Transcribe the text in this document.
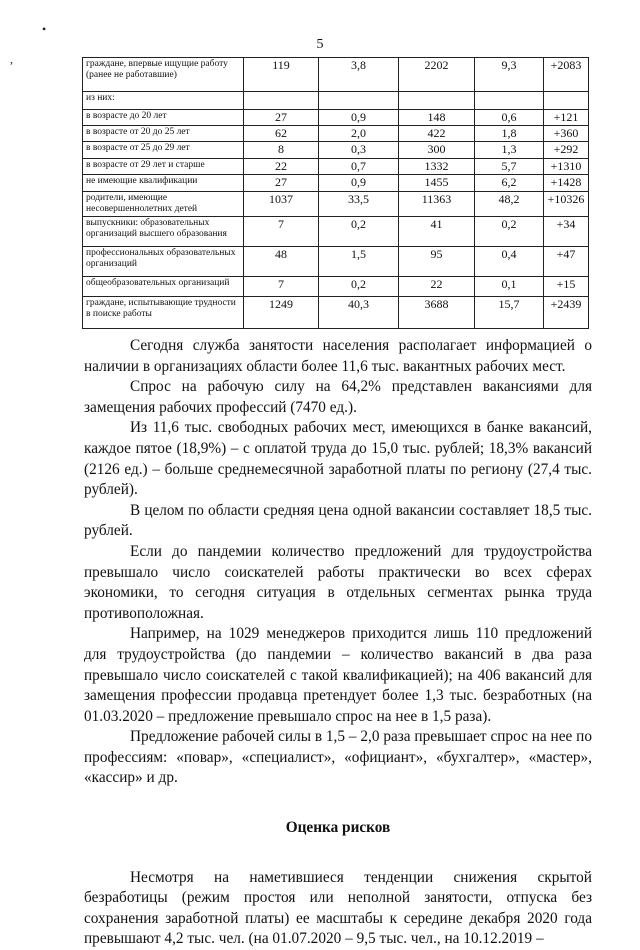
•
,
5
граждане, впервые ищущие работу (ранее не работавшие)	119	3,8	2202	9,3	+2083
из них:					
в возрасте до 20 лет	27	0,9	148	0,6	+121
в возрасте от 20 до 25 лет	62	2,0	422	1,8	+360
в возрасте от 25 до 29 лет	8	0,3	300	1,3	+292
в возрасте от 29 лет и старше	22	0,7	1332	5,7	+1310
не имеющие квалификации	27	0,9	1455	6,2	+1428
родители, имеющие несовершеннолетних детей	1037	33,5	11363	48,2	+10326
выпускники: образовательных организаций высшего образования	7	0,2	41	0,2	+34
профессиональных образовательных организаций	48	1,5	95	0,4	+47
общеобразовательных организаций	7	0,2	22	0,1	+15
граждане, испытывающие трудности в поиске работы	1249	40,3	3688	15,7	+2439

Сегодня служба занятости населения располагает информацией о наличии в организациях области более 11,6 тыс. вакантных рабочих мест.

Спрос на рабочую силу на 64,2% представлен вакансиями для замещения рабочих профессий (7470 ед.).

Из 11,6 тыс. свободных рабочих мест, имеющихся в банке вакансий, каждое пятое (18,9%) – с оплатой труда до 15,0 тыс. рублей; 18,3% вакансий (2126 ед.) – больше среднемесячной заработной платы по региону (27,4 тыс. рублей).

В целом по области средняя цена одной вакансии составляет 18,5 тыс. рублей.

Если до пандемии количество предложений для трудоустройства превышало число соискателей работы практически во всех сферах экономики, то сегодня ситуация в отдельных сегментах рынка труда противоположная.

Например, на 1029 менеджеров приходится лишь 110 предложений для трудоустройства (до пандемии – количество вакансий в два раза превышало число соискателей с такой квалификацией); на 406 вакансий для замещения профессии продавца претендует более 1,3 тыс. безработных (на 01.03.2020 – предложение превышало спрос на нее в 1,5 раза).

Предложение рабочей силы в 1,5 – 2,0 раза превышает спрос на нее по профессиям: «повар», «специалист», «официант», «бухгалтер», «мастер», «кассир» и др.

Оценка рисков

Несмотря на наметившиеся тенденции снижения скрытой безработицы (режим простоя или неполной занятости, отпуска без сохранения заработной платы) ее масштабы к середине декабря 2020 года превышают 4,2 тыс. чел. (на 01.07.2020 – 9,5 тыс. чел., на 10.12.2019 –
